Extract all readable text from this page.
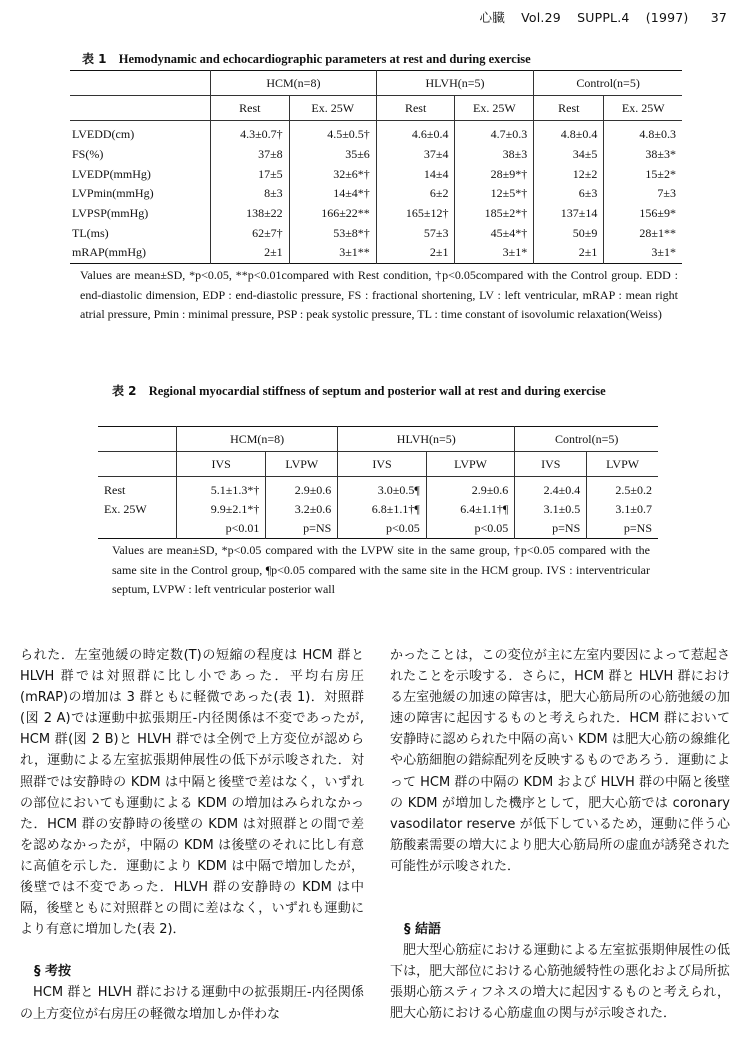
心臓 Vol.29 SUPPL.4 (1997) 37
表 1 Hemodynamic and echocardiographic parameters at rest and during exercise
	HCM(n=8)		HLVH(n=5)		Control(n=5)	
	Rest	Ex. 25W	Rest	Ex. 25W	Rest	Ex. 25W
LVEDD(cm)	4.3±0.7†	4.5±0.5†	4.6±0.4	4.7±0.3	4.8±0.4	4.8±0.3
FS(%)	37±8	35±6	37±4	38±3	34±5	38±3*
LVEDP(mmHg)	17±5	32±6*†	14±4	28±9*†	12±2	15±2*
LVPmin(mmHg)	8±3	14±4*†	6±2	12±5*†	6±3	7±3
LVPSP(mmHg)	138±22	166±22**	165±12†	185±2*†	137±14	156±9*
TL(ms)	62±7†	53±8*†	57±3	45±4*†	50±9	28±1**
mRAP(mmHg)	2±1	3±1**	2±1	3±1*	2±1	3±1*
Values are mean±SD, *p<0.05, **p<0.01compared with Rest condition, †p<0.05compared with the Control group. EDD : end-diastolic dimension, EDP : end-diastolic pressure, FS : fractional shortening, LV : left ventricular, mRAP : mean right atrial pressure, Pmin : minimal pressure, PSP : peak systolic pressure, TL : time constant of isovolumic relaxation(Weiss)
表 2 Regional myocardial stiffness of septum and posterior wall at rest and during exercise
	HCM(n=8)		HLVH(n=5)		Control(n=5)	
	IVS	LVPW	IVS	LVPW	IVS	LVPW
Rest	5.1±1.3*†	2.9±0.6	3.0±0.5¶	2.9±0.6	2.4±0.4	2.5±0.2
Ex. 25W	9.9±2.1*†	3.2±0.6	6.8±1.1†¶	6.4±1.1†¶	3.1±0.5	3.1±0.7
	p<0.01	p=NS	p<0.05	p<0.05	p=NS	p=NS
Values are mean±SD, *p<0.05 compared with the LVPW site in the same group, †p<0.05 compared with the same site in the Control group, ¶p<0.05 compared with the same site in the HCM group. IVS : interventricular septum, LVPW : left ventricular posterior wall

られた．左室弛緩の時定数(T)の短縮の程度は HCM 群と HLVH 群では対照群に比し小であった．平均右房圧(mRAP)の増加は 3 群ともに軽微であった(表 1)．対照群(図 2 A)では運動中拡張期圧-内径関係は不変であったが, HCM 群(図 2 B)と HLVH 群では全例で上方変位が認められ，運動による左室拡張期伸展性の低下が示唆された．対照群では安静時の KDM は中隔と後壁で差はなく，いずれの部位においても運動による KDM の増加はみられなかった．HCM 群の安静時の後壁の KDM は対照群との間で差を認めなかったが，中隔の KDM は後壁のそれに比し有意に高値を示した．運動により KDM は中隔で増加したが，後壁では不変であった．HLVH 群の安静時の KDM は中隔，後壁ともに対照群との間に差はなく，いずれも運動により有意に増加した(表 2)．

§ 考按

HCM 群と HLVH 群における運動中の拡張期圧-内径関係の上方変位が右房圧の軽微な増加しか伴わな

かったことは，この変位が主に左室内要因によって惹起されたことを示唆する．さらに，HCM 群と HLVH 群における左室弛緩の加速の障害は，肥大心筋局所の心筋弛緩の加速の障害に起因するものと考えられた．HCM 群において安静時に認められた中隔の高い KDM は肥大心筋の線維化や心筋細胞の錯綜配列を反映するものであろう．運動によって HCM 群の中隔の KDM および HLVH 群の中隔と後壁の KDM が増加した機序として，肥大心筋では coronary vasodilator reserve が低下しているため，運動に伴う心筋酸素需要の増大により肥大心筋局所の虚血が誘発された可能性が示唆された．

§ 結語

肥大型心筋症における運動による左室拡張期伸展性の低下は，肥大部位における心筋弛緩特性の悪化および局所拡張期心筋スティフネスの増大に起因するものと考えられ，肥大心筋における心筋虚血の関与が示唆された．
